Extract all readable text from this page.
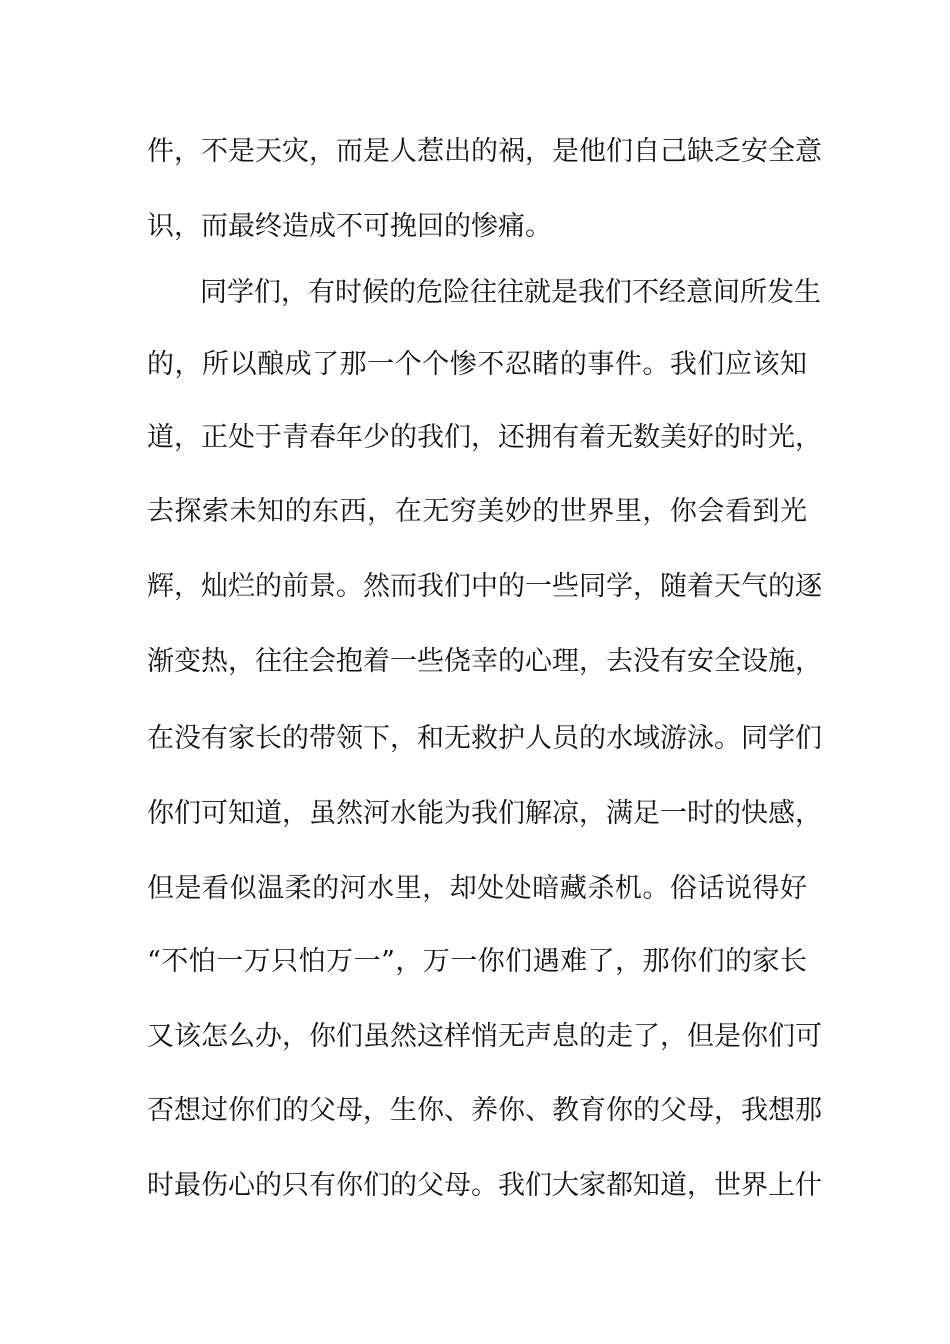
件，不是天灾，而是人惹出的祸，是他们自己缺乏安全意
识，而最终造成不可挽回的惨痛。
同学们，有时候的危险往往就是我们不经意间所发生
的，所以酿成了那一个个惨不忍睹的事件。我们应该知
道，正处于青春年少的我们，还拥有着无数美好的时光，
去探索未知的东西，在无穷美妙的世界里，你会看到光
辉，灿烂的前景。然而我们中的一些同学，随着天气的逐
渐变热，往往会抱着一些侥幸的心理，去没有安全设施，
在没有家长的带领下，和无救护人员的水域游泳。同学们
你们可知道，虽然河水能为我们解凉，满足一时的快感，
但是看似温柔的河水里，却处处暗藏杀机。俗话说得好
“不怕一万只怕万一”，万一你们遇难了，那你们的家长
又该怎么办，你们虽然这样悄无声息的走了，但是你们可
否想过你们的父母，生你、养你、教育你的父母，我想那
时最伤心的只有你们的父母。我们大家都知道，世界上什
